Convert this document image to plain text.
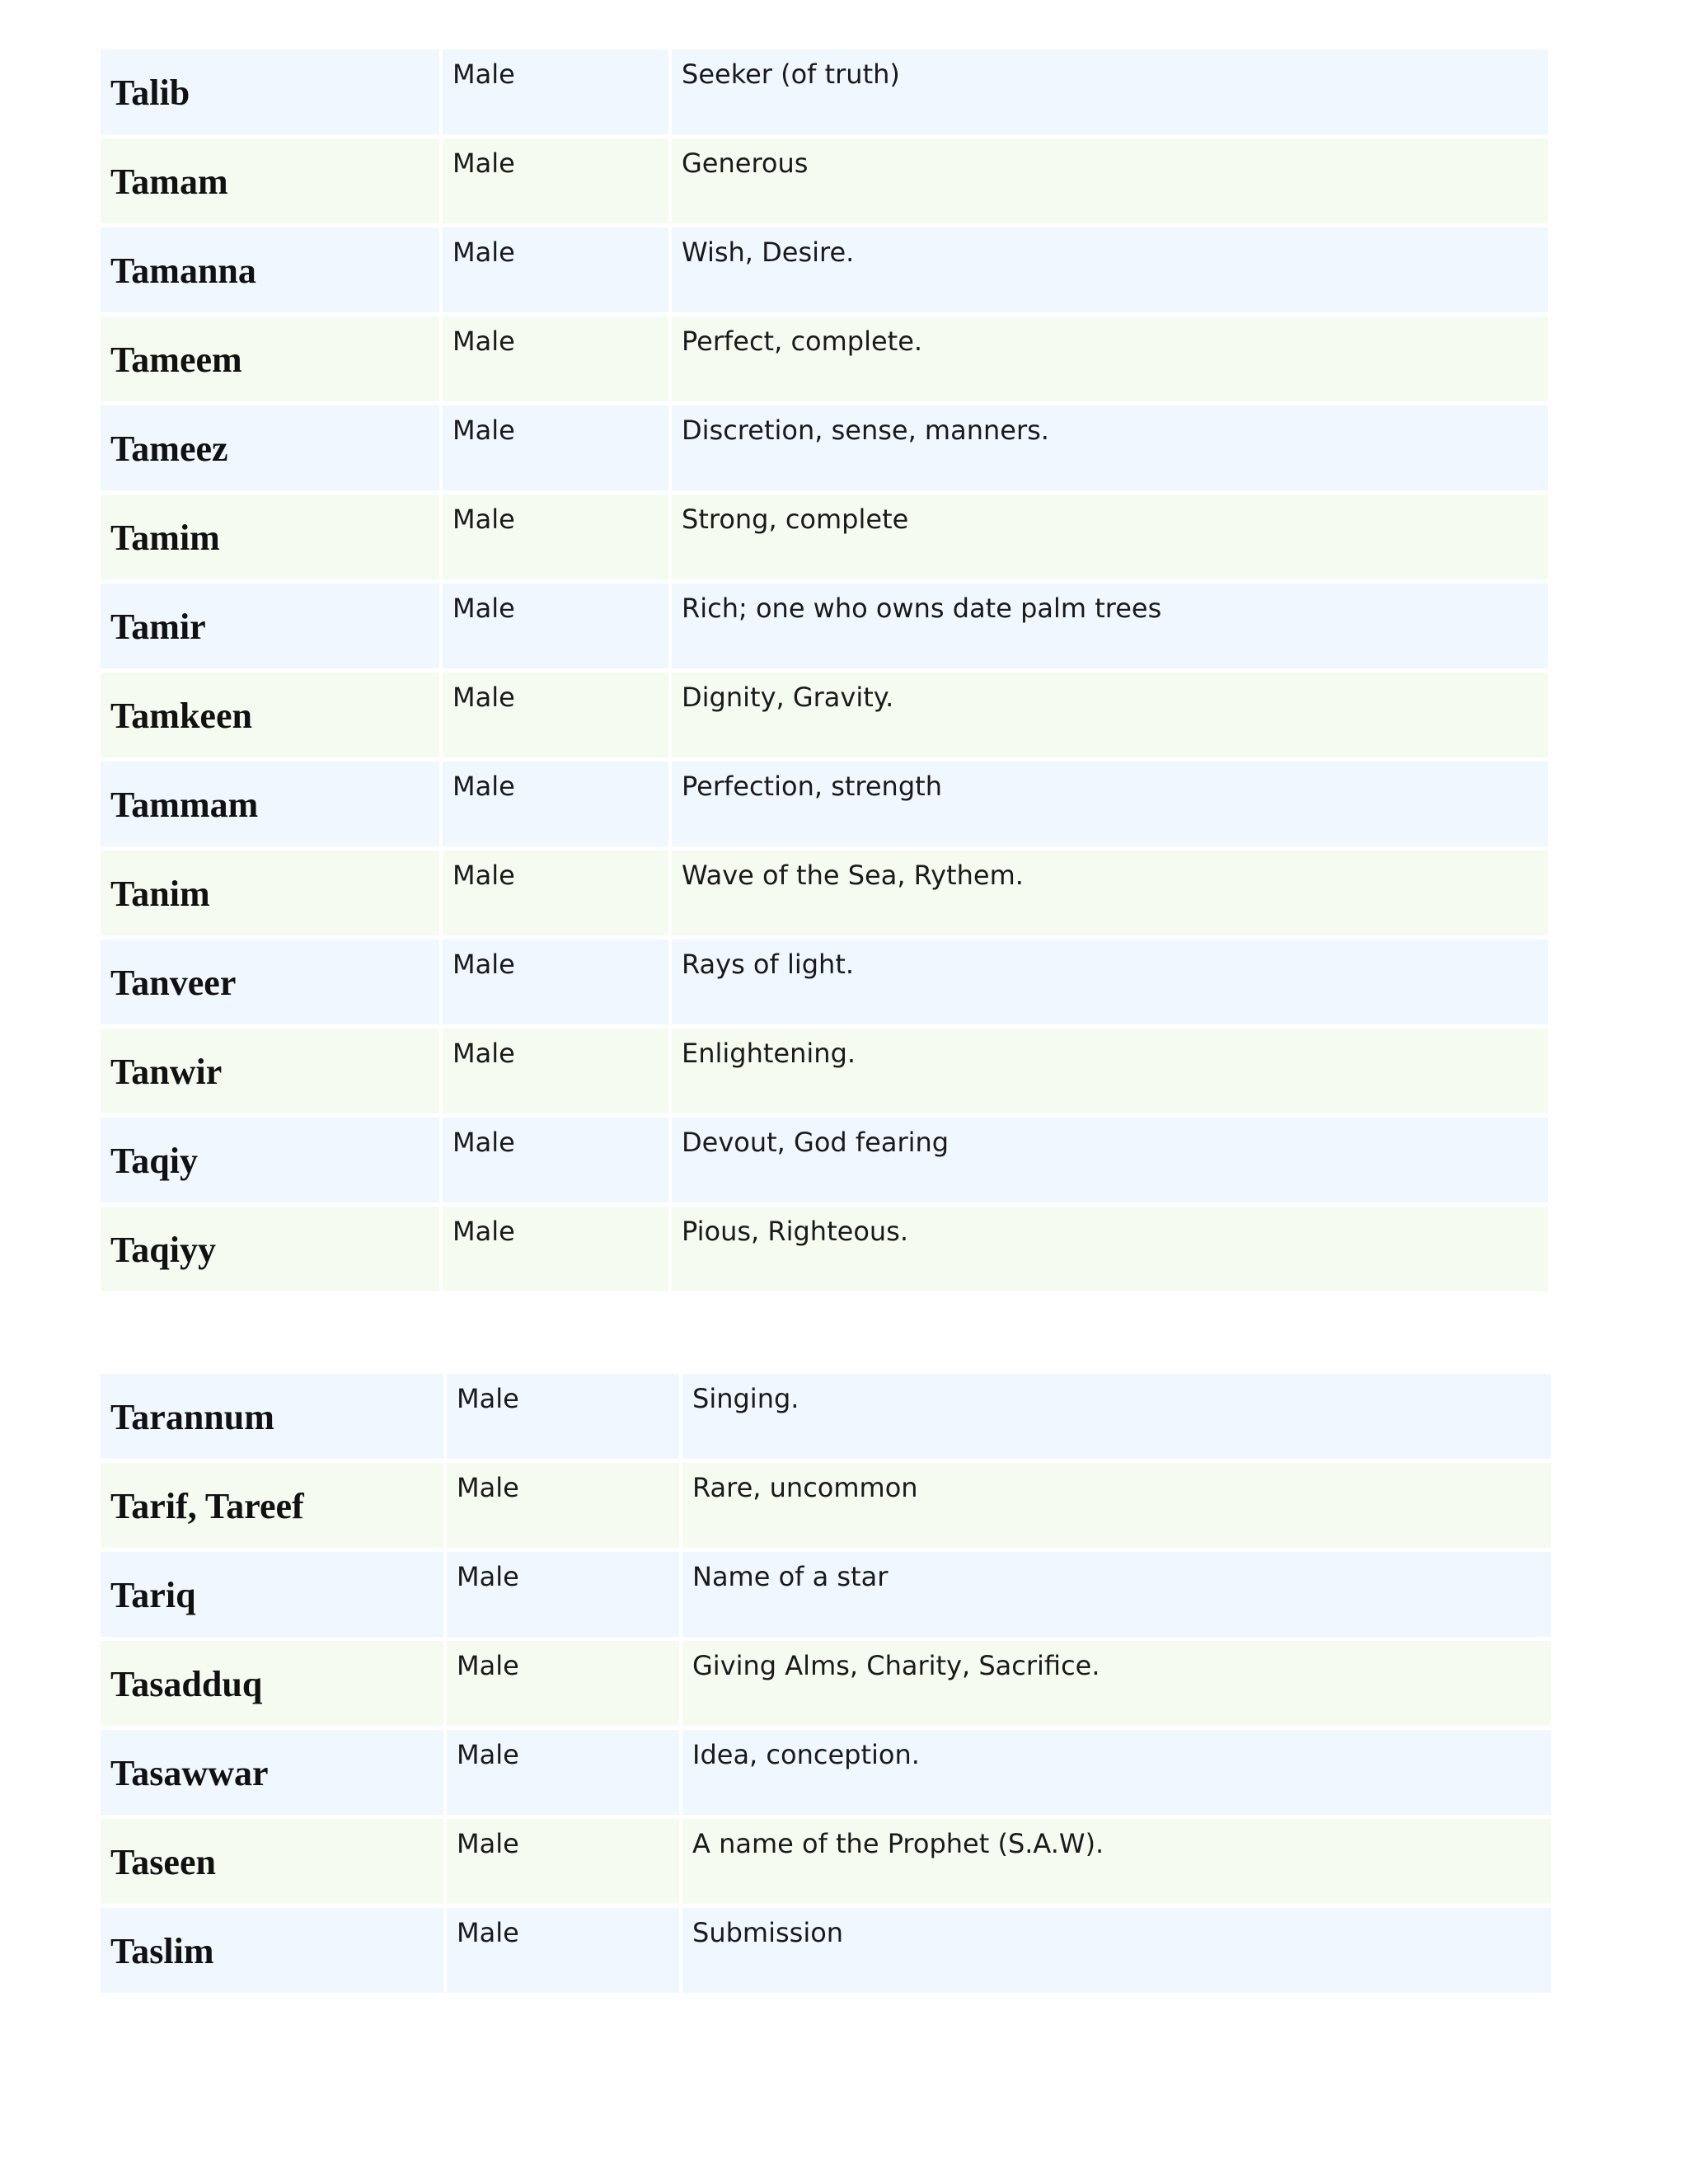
Talib	Male	Seeker (of truth)

Tamam	Male	Generous

Tamanna	Male	Wish, Desire.

Tameem	Male	Perfect, complete.

Tameez	Male	Discretion, sense, manners.

Tamim	Male	Strong, complete

Tamir	Male	Rich; one who owns date palm trees

Tamkeen	Male	Dignity, Gravity.

Tammam	Male	Perfection, strength

Tanim	Male	Wave of the Sea, Rythem.

Tanveer	Male	Rays of light.

Tanwir	Male	Enlightening.

Taqiy	Male	Devout, God fearing

Taqiyy	Male	Pious, Righteous.
Tarannum	Male	Singing.

Tarif, Tareef	Male	Rare, uncommon

Tariq	Male	Name of a star

Tasadduq	Male	Giving Alms, Charity, Sacrifice.

Tasawwar	Male	Idea, conception.

Taseen	Male	A name of the Prophet (S.A.W).

Taslim	Male	Submission
